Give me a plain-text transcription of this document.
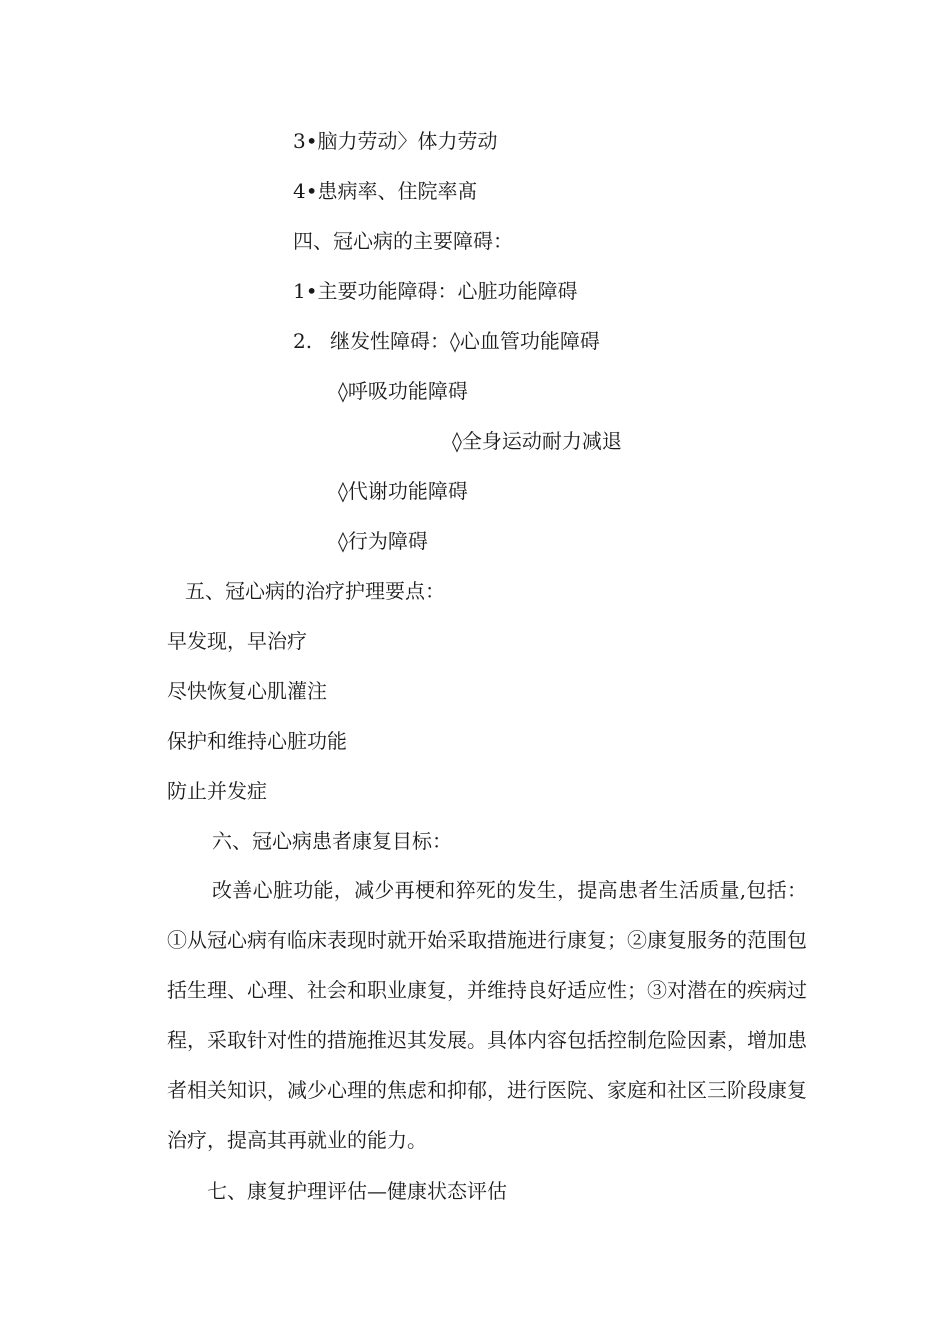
3•脑力劳动〉体力劳动
4•患病率、住院率髙
四、冠心病的主要障碍：
1•主要功能障碍：心脏功能障碍
2. 继发性障碍：◊心血管功能障碍
◊呼吸功能障碍
◊全身运动耐力减退
◊代谢功能障碍
◊行为障碍
五、冠心病的治疗护理要点：
早发现，早治疗
尽快恢复心肌灌注
保护和维持心脏功能
防止并发症
六、冠心病患者康复目标：
改善心脏功能，减少再梗和猝死的发生，提高患者生活质量,包括：①从冠心病有临床表现时就开始采取措施进行康复；②康复服务的范围包括生理、心理、社会和职业康复，并维持良好适应性；③对潜在的疾病过程，采取针对性的措施推迟其发展。具体内容包括控制危险因素，增加患者相关知识，减少心理的焦虑和抑郁，进行医院、家庭和社区三阶段康复治疗，提高其再就业的能力。
七、康复护理评估—健康状态评估
